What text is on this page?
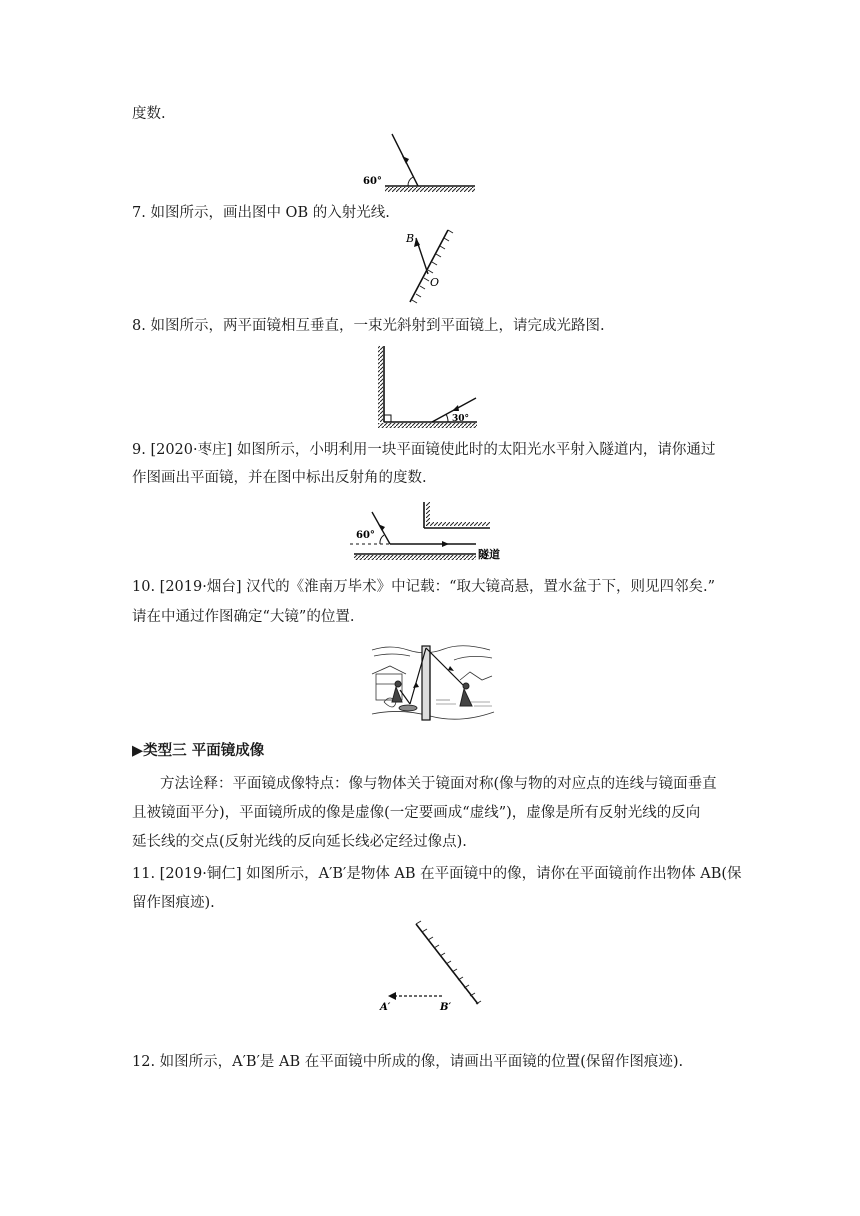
度数.
7. 如图所示，画出图中 OB 的入射光线.
8. 如图所示，两平面镜相互垂直，一束光斜射到平面镜上，请完成光路图.
9. [2020·枣庄] 如图所示，小明利用一块平面镜使此时的太阳光水平射入隧道内，请你通过
作图画出平面镜，并在图中标出反射角的度数.
10. [2019·烟台] 汉代的《淮南万毕术》中记载：“取大镜高悬，置水盆于下，则见四邻矣.”
请在中通过作图确定“大镜”的位置.
▶类型三 平面镜成像
方法诠释：平面镜成像特点：像与物体关于镜面对称(像与物的对应点的连线与镜面垂直
且被镜面平分)，平面镜所成的像是虚像(一定要画成“虚线”)，虚像是所有反射光线的反向
延长线的交点(反射光线的反向延长线必定经过像点).
11. [2019·铜仁] 如图所示，A′B′是物体 AB 在平面镜中的像，请你在平面镜前作出物体 AB(保
留作图痕迹).
12. 如图所示，A′B′是 AB 在平面镜中所成的像，请画出平面镜的位置(保留作图痕迹).
60°
B
O
30°
60°
隧道
A′	B′
